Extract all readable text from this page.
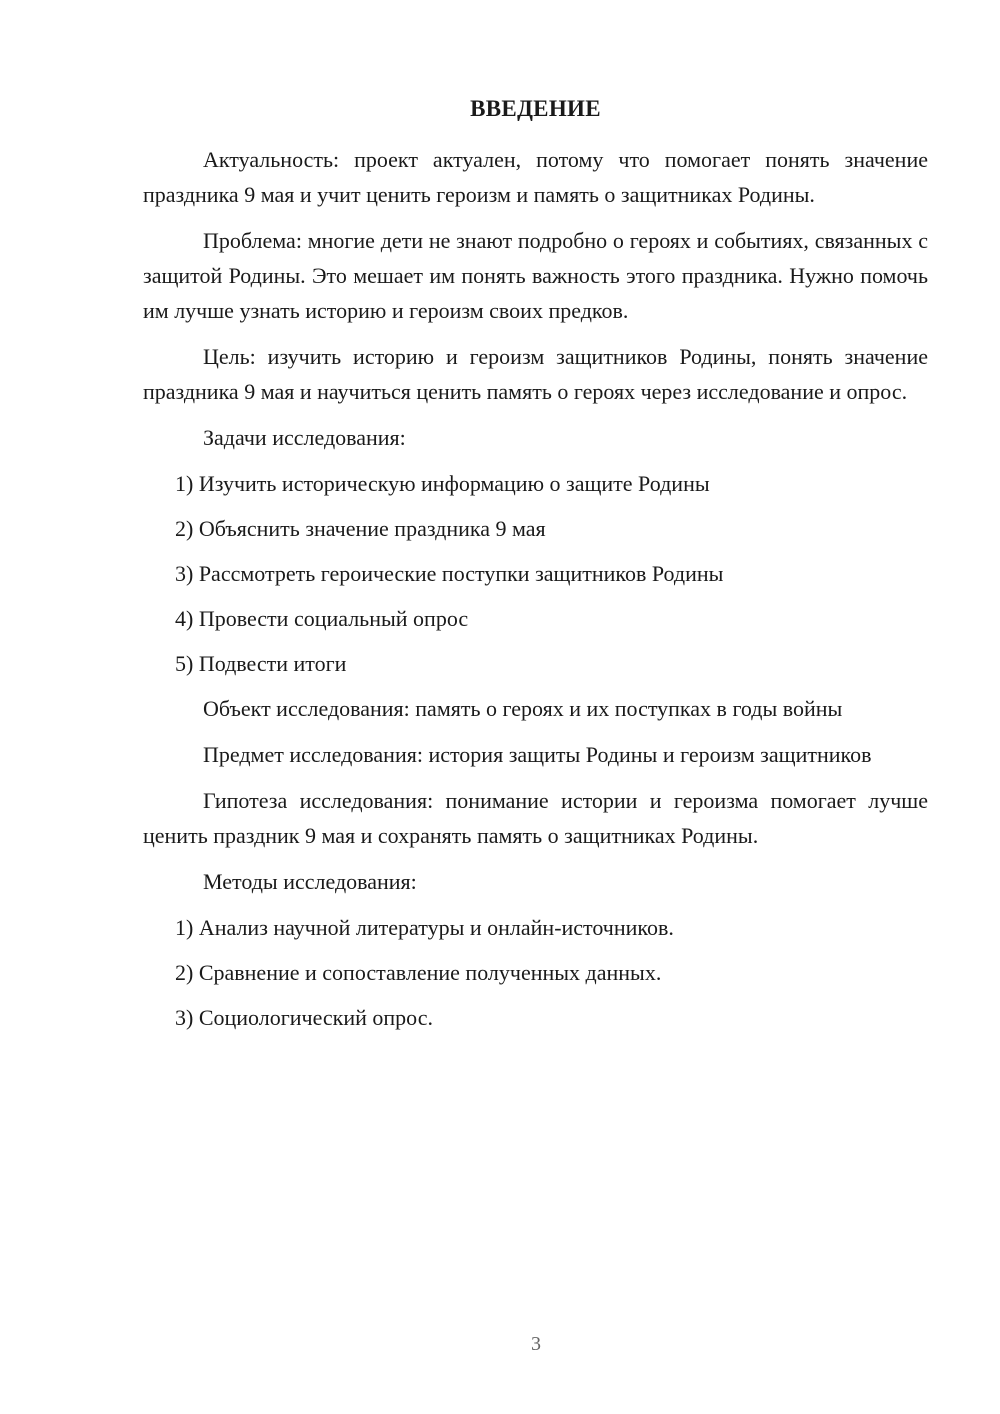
ВВЕДЕНИЕ

Актуальность: проект актуален, потому что помогает понять значение праздника 9 мая и учит ценить героизм и память о защитниках Родины.

Проблема: многие дети не знают подробно о героях и событиях, связанных с защитой Родины. Это мешает им понять важность этого праздника. Нужно помочь им лучше узнать историю и героизм своих предков.

Цель: изучить историю и героизм защитников Родины, понять значение праздника 9 мая и научиться ценить память о героях через исследование и опрос.

Задачи исследования:

1) Изучить историческую информацию о защите Родины
2) Объяснить значение праздника 9 мая
3) Рассмотреть героические поступки защитников Родины
4) Провести социальный опрос
5) Подвести итоги

Объект исследования: память о героях и их поступках в годы войны

Предмет исследования: история защиты Родины и героизм защитников

Гипотеза исследования: понимание истории и героизма помогает лучше ценить праздник 9 мая и сохранять память о защитниках Родины.

Методы исследования:

1) Анализ научной литературы и онлайн-источников.
2) Сравнение и сопоставление полученных данных.
3) Социологический опрос.
3
